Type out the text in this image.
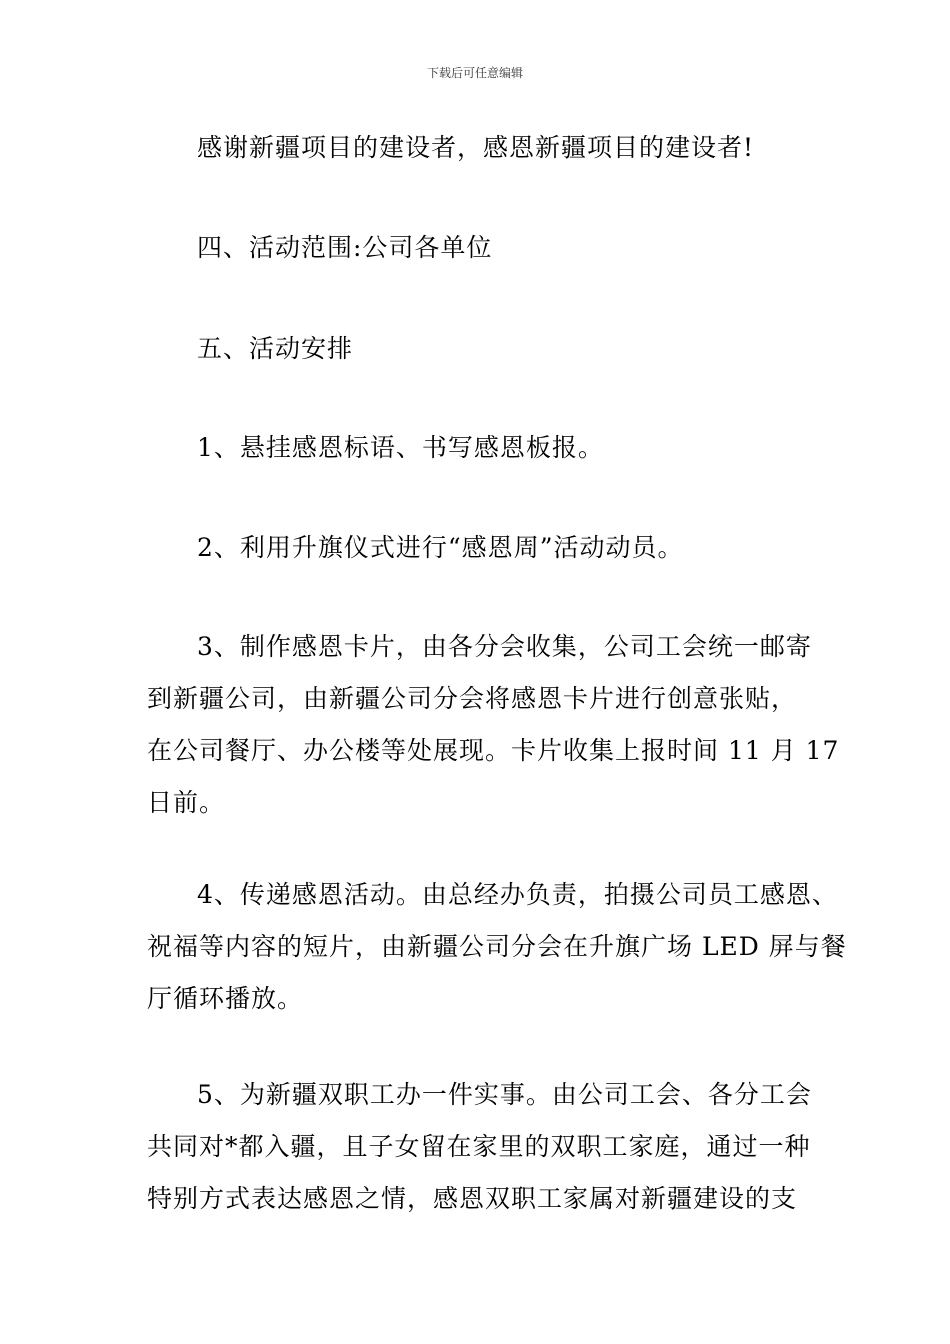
下载后可任意编辑
感谢新疆项目的建设者，感恩新疆项目的建设者!
四、活动范围:公司各单位
五、活动安排
1、悬挂感恩标语、书写感恩板报。
2、利用升旗仪式进行“感恩周”活动动员。
3、制作感恩卡片，由各分会收集，公司工会统一邮寄
到新疆公司，由新疆公司分会将感恩卡片进行创意张贴，
在公司餐厅、办公楼等处展现。卡片收集上报时间 11 月 17
日前。
4、传递感恩活动。由总经办负责，拍摄公司员工感恩、
祝福等内容的短片，由新疆公司分会在升旗广场 LED 屏与餐
厅循环播放。
5、为新疆双职工办一件实事。由公司工会、各分工会
共同对*都入疆，且子女留在家里的双职工家庭，通过一种
特别方式表达感恩之情，感恩双职工家属对新疆建设的支
